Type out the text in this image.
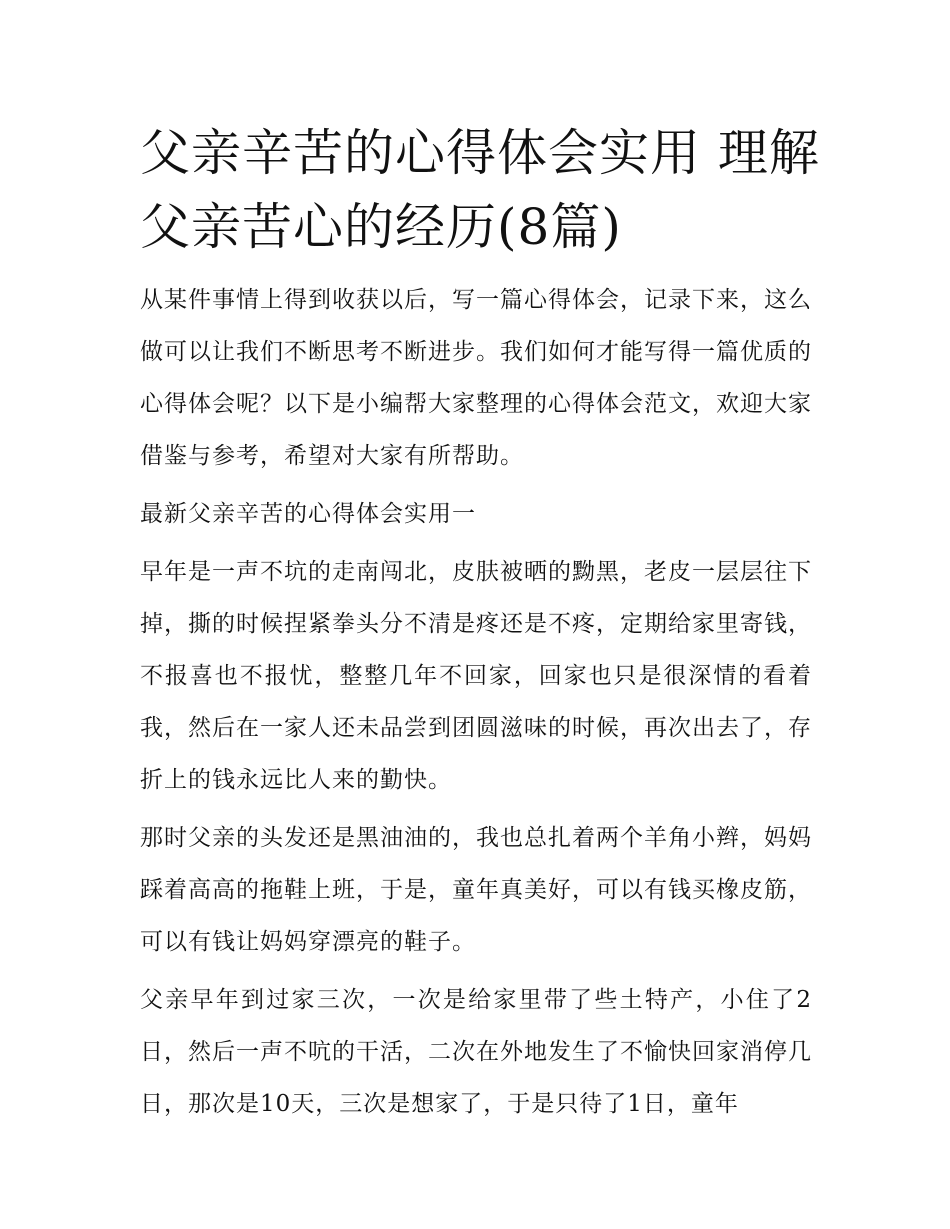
父亲辛苦的心得体会实用 理解父亲苦心的经历(8篇)

从某件事情上得到收获以后，写一篇心得体会，记录下来，这么做可以让我们不断思考不断进步。我们如何才能写得一篇优质的心得体会呢？以下是小编帮大家整理的心得体会范文，欢迎大家借鉴与参考，希望对大家有所帮助。

最新父亲辛苦的心得体会实用一

早年是一声不坑的走南闯北，皮肤被晒的黝黑，老皮一层层往下掉，撕的时候捏紧拳头分不清是疼还是不疼，定期给家里寄钱，不报喜也不报忧，整整几年不回家，回家也只是很深情的看着我，然后在一家人还未品尝到团圆滋味的时候，再次出去了，存折上的钱永远比人来的勤快。

那时父亲的头发还是黑油油的，我也总扎着两个羊角小辫，妈妈踩着高高的拖鞋上班，于是，童年真美好，可以有钱买橡皮筋，可以有钱让妈妈穿漂亮的鞋子。

父亲早年到过家三次，一次是给家里带了些土特产，小住了2日，然后一声不吭的干活，二次在外地发生了不愉快回家消停几日，那次是10天，三次是想家了，于是只待了1日，童年
